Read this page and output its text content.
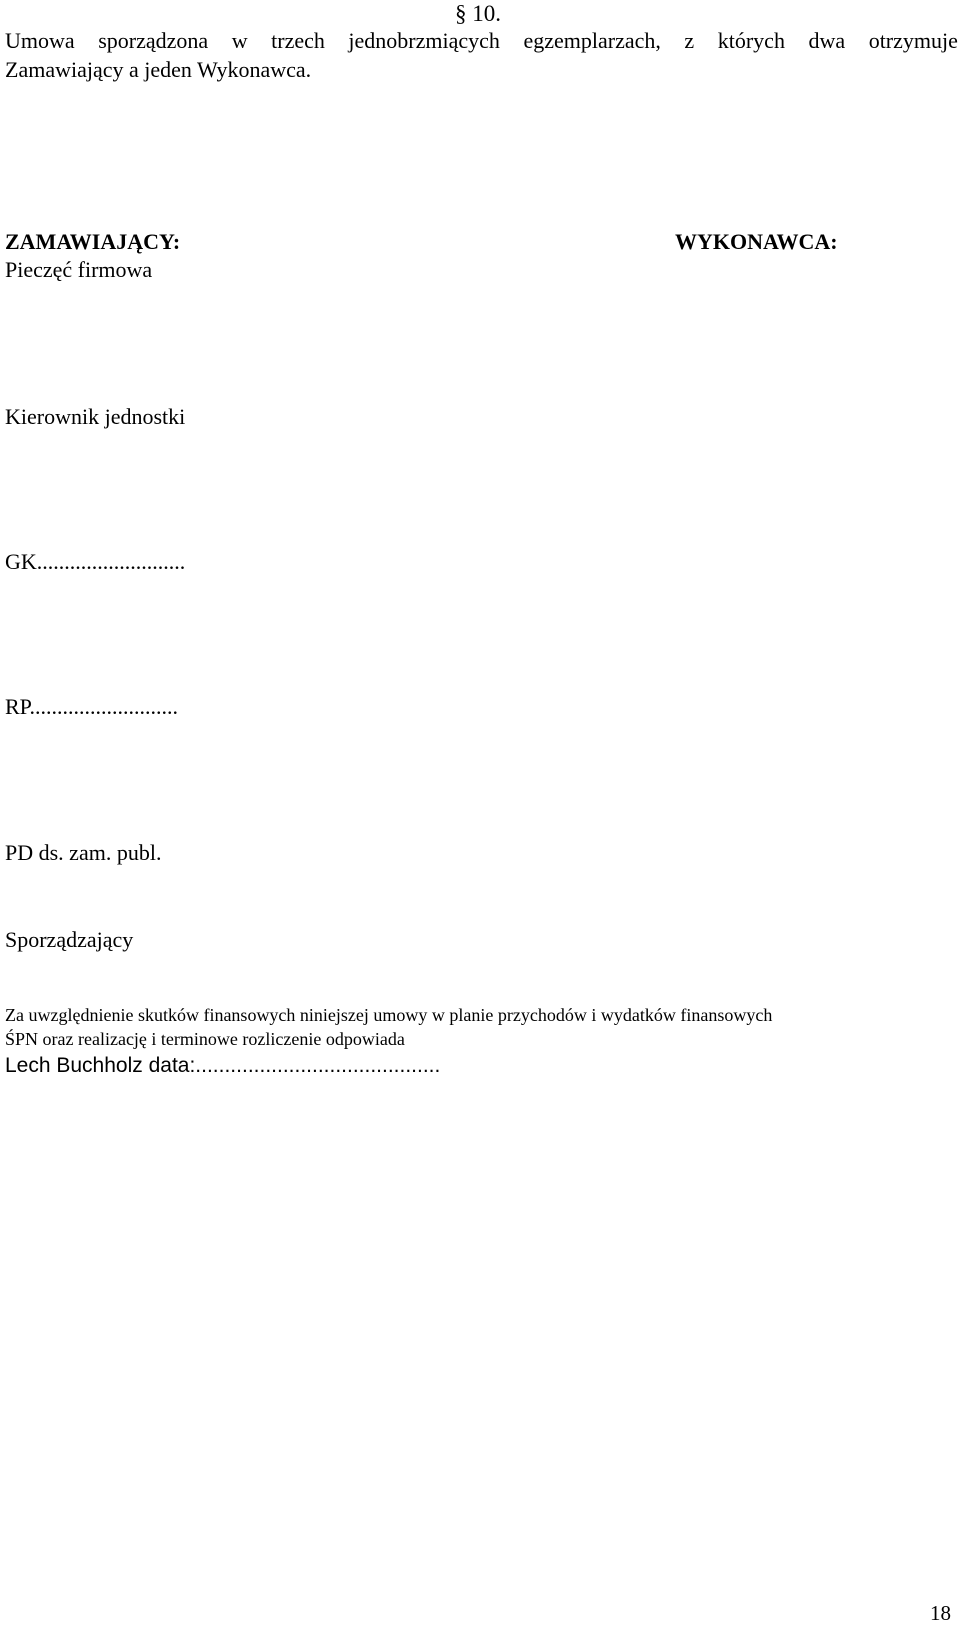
§ 10.
Umowa sporządzona w trzech jednobrzmiących egzemplarzach, z których dwa otrzymuje
Zamawiający a jeden Wykonawca.
ZAMAWIAJĄCY:
Pieczęć firmowa
WYKONAWCA:
Kierownik jednostki
GK...........................
RP...........................
PD ds. zam. publ.
Sporządzający
Za uwzględnienie skutków finansowych niniejszej umowy w planie przychodów i wydatków finansowych
ŚPN oraz realizację i terminowe rozliczenie odpowiada
Lech Buchholz data:..........................................
18
